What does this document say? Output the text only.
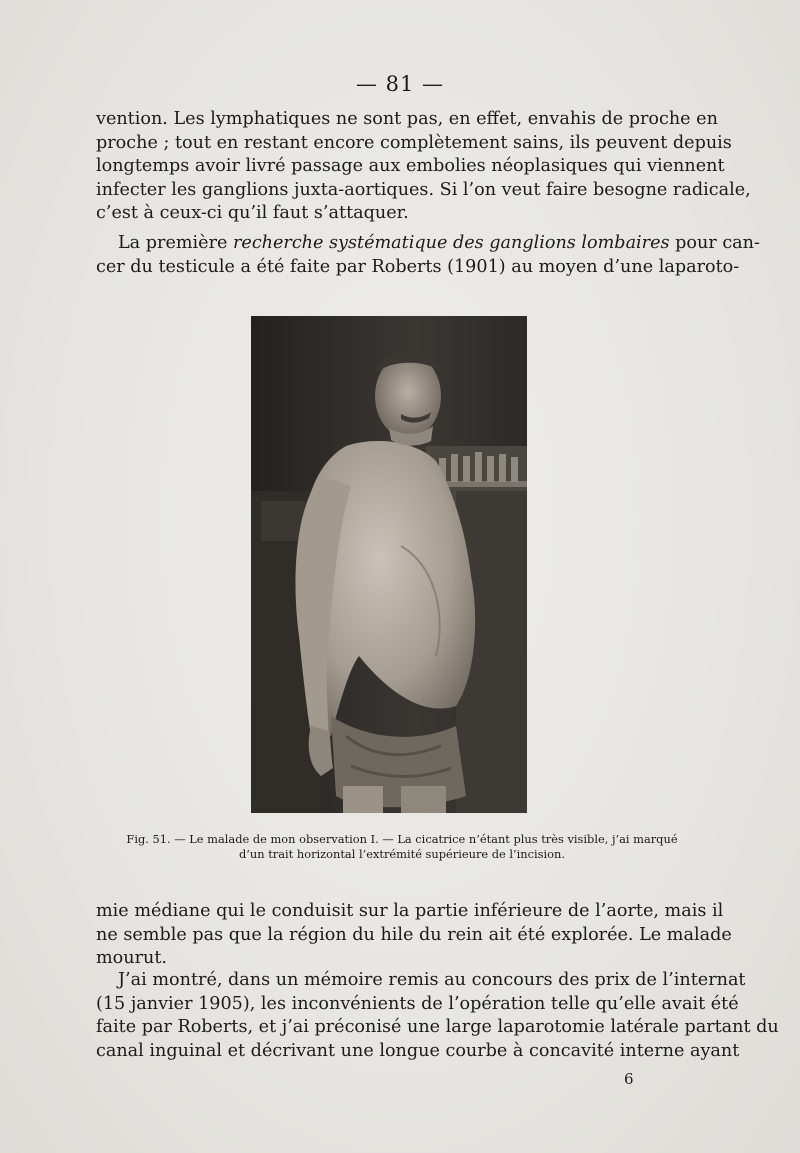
— 81 —
vention. Les lymphatiques ne sont pas, en effet, envahis de proche en
proche ; tout en restant encore complètement sains, ils peuvent depuis
longtemps avoir livré passage aux embolies néoplasiques qui viennent
infecter les ganglions juxta-aortiques. Si l’on veut faire besogne radicale,
c’est à ceux-ci qu’il faut s’attaquer.
La première recherche systématique des ganglions lombaires pour can-
cer du testicule a été faite par Roberts (1901) au moyen d’une laparoto-
Fig. 51. — Le malade de mon observation I. — La cicatrice n’étant plus très visible, j’ai marqué
d’un trait horizontal l’extrémité supérieure de l’incision.
mie médiane qui le conduisit sur la partie inférieure de l’aorte, mais il
ne semble pas que la région du hile du rein ait été explorée. Le malade
mourut.
J’ai montré, dans un mémoire remis au concours des prix de l’internat
(15 janvier 1905), les inconvénients de l’opération telle qu’elle avait été
faite par Roberts, et j’ai préconisé une large laparotomie latérale partant du
canal inguinal et décrivant une longue courbe à concavité interne ayant
6
